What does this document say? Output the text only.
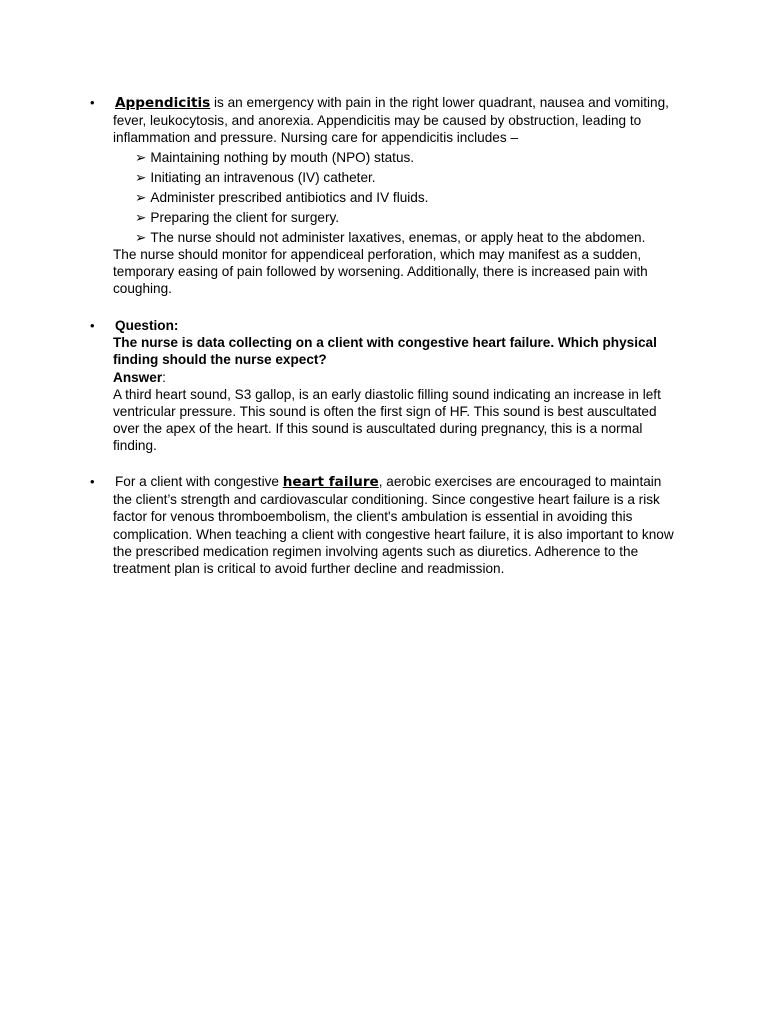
• Appendicitis is an emergency with pain in the right lower quadrant, nausea and vomiting, fever, leukocytosis, and anorexia. Appendicitis may be caused by obstruction, leading to inflammation and pressure. Nursing care for appendicitis includes –

➢ Maintaining nothing by mouth (NPO) status.
➢ Initiating an intravenous (IV) catheter.
➢ Administer prescribed antibiotics and IV fluids.
➢ Preparing the client for surgery.
➢ The nurse should not administer laxatives, enemas, or apply heat to the abdomen.

The nurse should monitor for appendiceal perforation, which may manifest as a sudden, temporary easing of pain followed by worsening. Additionally, there is increased pain with coughing.

• Question:

The nurse is data collecting on a client with congestive heart failure. Which physical finding should the nurse expect?

Answer:

A third heart sound, S3 gallop, is an early diastolic filling sound indicating an increase in left ventricular pressure. This sound is often the first sign of HF. This sound is best auscultated over the apex of the heart. If this sound is auscultated during pregnancy, this is a normal finding.

• For a client with congestive heart failure, aerobic exercises are encouraged to maintain the client’s strength and cardiovascular conditioning. Since congestive heart failure is a risk factor for venous thromboembolism, the client's ambulation is essential in avoiding this complication. When teaching a client with congestive heart failure, it is also important to know the prescribed medication regimen involving agents such as diuretics. Adherence to the treatment plan is critical to avoid further decline and readmission.
